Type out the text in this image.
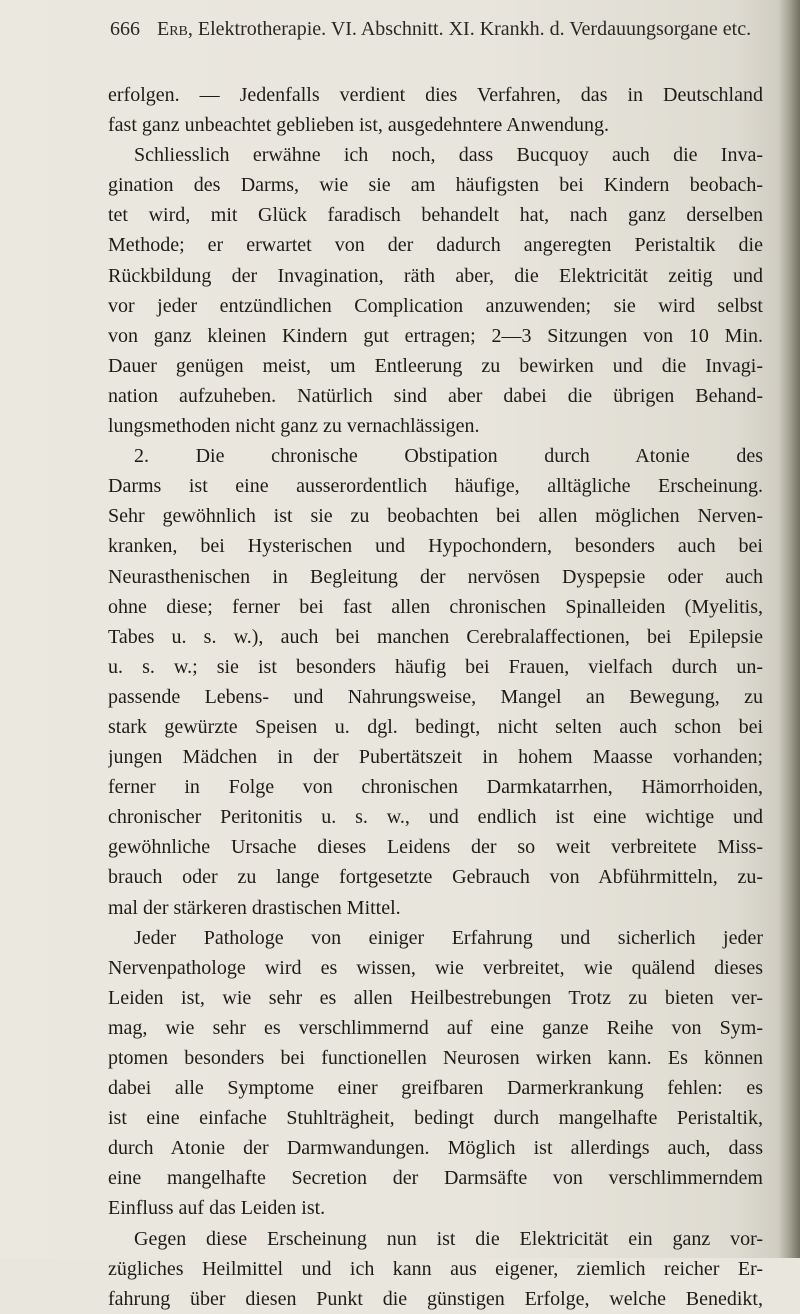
666 Erb, Elektrotherapie. VI. Abschnitt. XI. Krankh. d. Verdauungsorgane etc.
erfolgen. — Jedenfalls verdient dies Verfahren, das in Deutschland
fast ganz unbeachtet geblieben ist, ausgedehntere Anwendung.
Schliesslich erwähne ich noch, dass Bucquoy auch die Inva-
gination des Darms, wie sie am häufigsten bei Kindern beobach-
tet wird, mit Glück faradisch behandelt hat, nach ganz derselben
Methode; er erwartet von der dadurch angeregten Peristaltik die
Rückbildung der Invagination, räth aber, die Elektricität zeitig und
vor jeder entzündlichen Complication anzuwenden; sie wird selbst
von ganz kleinen Kindern gut ertragen; 2—3 Sitzungen von 10 Min.
Dauer genügen meist, um Entleerung zu bewirken und die Invagi-
nation aufzuheben. Natürlich sind aber dabei die übrigen Behand-
lungsmethoden nicht ganz zu vernachlässigen.
2. Die chronische Obstipation durch Atonie des
Darms ist eine ausserordentlich häufige, alltägliche Erscheinung.
Sehr gewöhnlich ist sie zu beobachten bei allen möglichen Nerven-
kranken, bei Hysterischen und Hypochondern, besonders auch bei
Neurasthenischen in Begleitung der nervösen Dyspepsie oder auch
ohne diese; ferner bei fast allen chronischen Spinalleiden (Myelitis,
Tabes u. s. w.), auch bei manchen Cerebralaffectionen, bei Epilepsie
u. s. w.; sie ist besonders häufig bei Frauen, vielfach durch un-
passende Lebens- und Nahrungsweise, Mangel an Bewegung, zu
stark gewürzte Speisen u. dgl. bedingt, nicht selten auch schon bei
jungen Mädchen in der Pubertätszeit in hohem Maasse vorhanden;
ferner in Folge von chronischen Darmkatarrhen, Hämorrhoiden,
chronischer Peritonitis u. s. w., und endlich ist eine wichtige und
gewöhnliche Ursache dieses Leidens der so weit verbreitete Miss-
brauch oder zu lange fortgesetzte Gebrauch von Abführmitteln, zu-
mal der stärkeren drastischen Mittel.
Jeder Pathologe von einiger Erfahrung und sicherlich jeder
Nervenpathologe wird es wissen, wie verbreitet, wie quälend dieses
Leiden ist, wie sehr es allen Heilbestrebungen Trotz zu bieten ver-
mag, wie sehr es verschlimmernd auf eine ganze Reihe von Sym-
ptomen besonders bei functionellen Neurosen wirken kann. Es können
dabei alle Symptome einer greifbaren Darmerkrankung fehlen: es
ist eine einfache Stuhlträgheit, bedingt durch mangelhafte Peristaltik,
durch Atonie der Darmwandungen. Möglich ist allerdings auch, dass
eine mangelhafte Secretion der Darmsäfte von verschlimmerndem
Einfluss auf das Leiden ist.
Gegen diese Erscheinung nun ist die Elektricität ein ganz vor-
zügliches Heilmittel und ich kann aus eigener, ziemlich reicher Er-
fahrung über diesen Punkt die günstigen Erfolge, welche Benedikt,
